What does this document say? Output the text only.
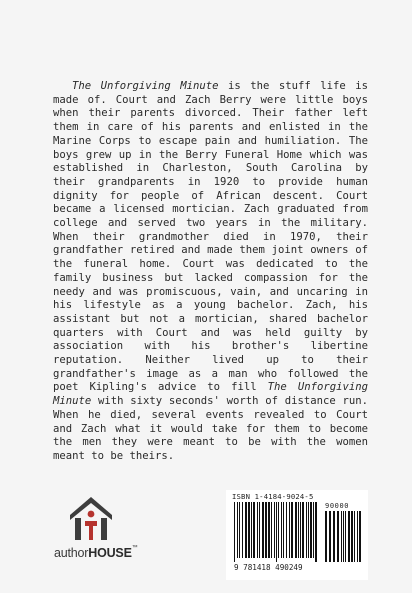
The Unforgiving Minute is the stuff life is made of. Court and Zach Berry were little boys when their parents divorced. Their father left them in care of his parents and enlisted in the Marine Corps to escape pain and humiliation. The boys grew up in the Berry Funeral Home which was established in Charleston, South Carolina by their grandparents in 1920 to provide human dignity for people of African descent. Court became a licensed mortician. Zach graduated from college and served two years in the military. When their grandmother died in 1970, their grandfather retired and made them joint owners of the funeral home. Court was dedicated to the family business but lacked compassion for the needy and was promiscuous, vain, and uncaring in his lifestyle as a young bachelor. Zach, his assistant but not a mortician, shared bachelor quarters with Court and was held guilty by association with his brother's libertine reputation. Neither lived up to their grandfather's image as a man who followed the poet Kipling's advice to fill The Unforgiving Minute with sixty seconds' worth of distance run. When he died, several events revealed to Court and Zach what it would take for them to become the men they were meant to be with the women meant to be theirs.

authorHOUSE™
ISBN 1-4184-9024-5
90000
9 781418 490249
